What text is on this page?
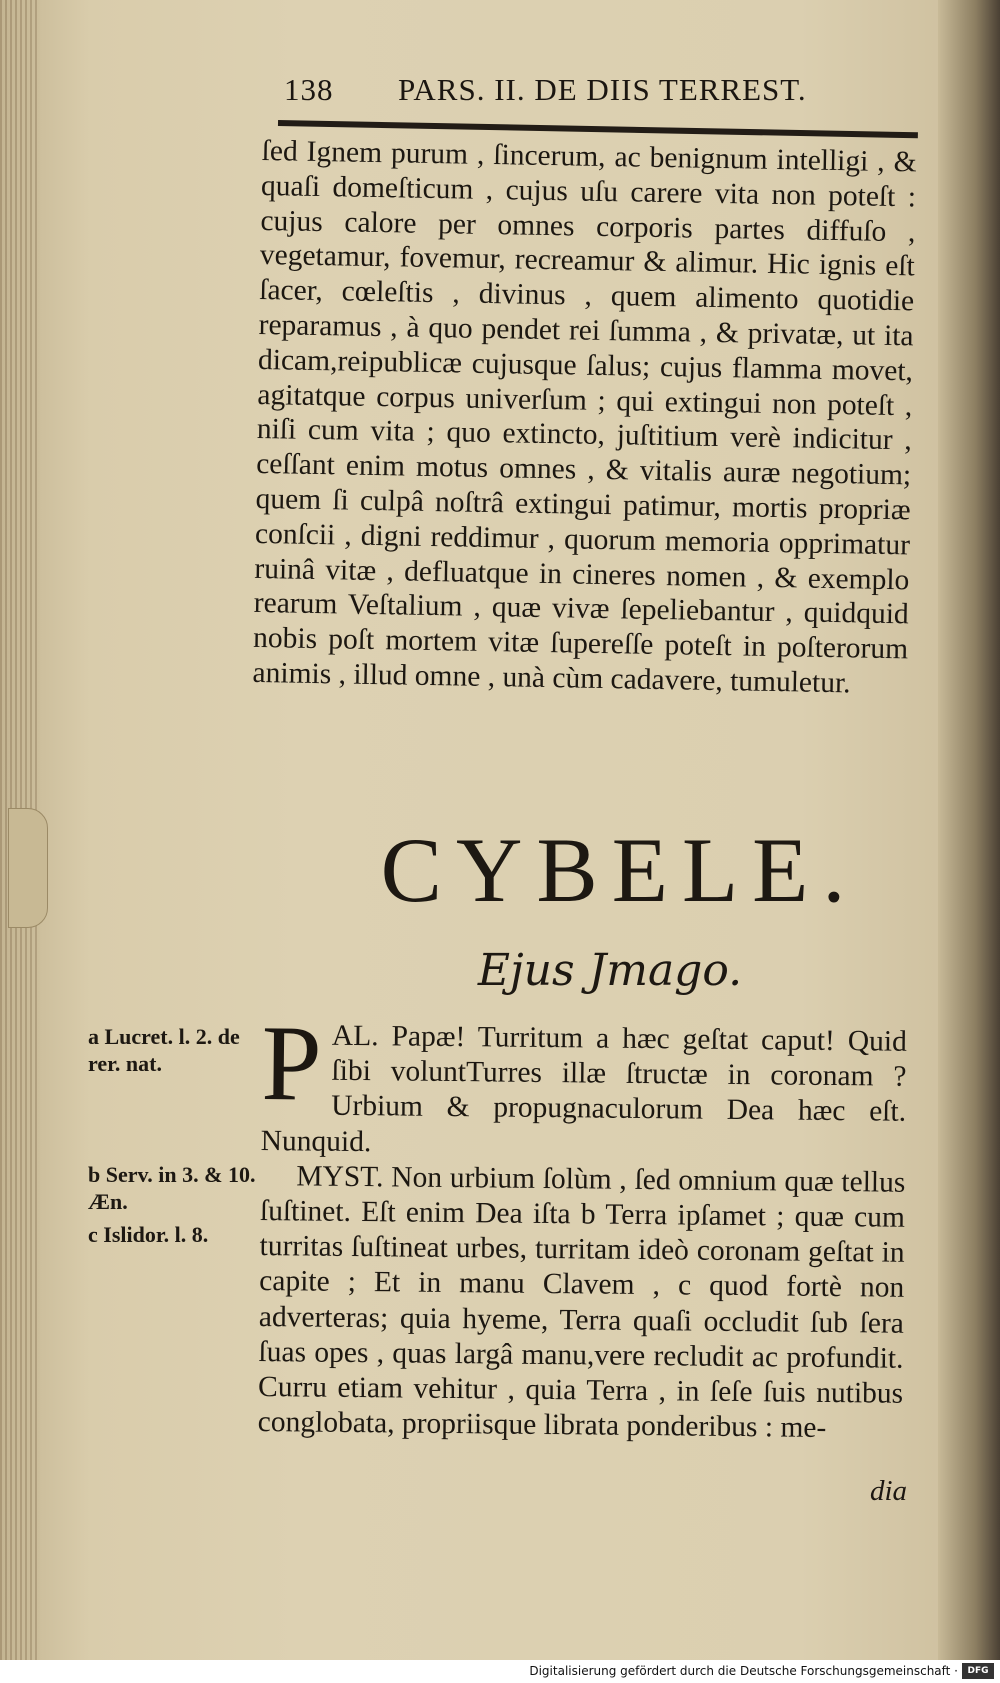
138 PARS. II. DE DIIS TERREST.

ſed Ignem purum , ſincerum, ac benignum intelligi , & quaſi domeſticum , cujus uſu carere vita non poteſt : cujus calore per omnes corporis partes diffuſo , vegetamur, fovemur, recreamur & alimur. Hic ignis eſt ſacer, cœleſtis , divinus , quem alimento quotidie reparamus , à quo pendet rei ſumma , & privatæ, ut ita dicam,reipublicæ cujusque ſalus; cujus flamma movet, agitatque corpus univerſum ; qui extingui non poteſt , niſi cum vita ; quo extincto, juſtitium verè indicitur , ceſſant enim motus omnes , & vitalis auræ negotium; quem ſi culpâ noſtrâ extingui patimur, mortis propriæ conſcii , digni reddimur , quorum memoria opprimatur ruinâ vitæ , defluatque in cineres nomen , & exemplo rearum Veſtalium , quæ vivæ ſepeliebantur , quidquid nobis poſt mortem vitæ ſupereſſe poteſt in poſterorum animis , illud omne , unà cùm cadavere, tumuletur.

CYBELE.
Ejus Jmago.
a Lucret. l. 2. de rer. nat.
b Serv. in 3. & 10. Æn.
c Islidor. l. 8.

PAL. Papæ! Turritum a hæc geſtat caput! Quid ſibi voluntTurres illæ ſtructæ in coronam ? Urbium & propugnaculorum Dea hæc eſt. Nunquid.

MYST. Non urbium ſolùm , ſed omnium quæ tellus ſuſtinet. Eſt enim Dea iſta b Terra ipſamet ; quæ cum turritas ſuſtineat urbes, turritam ideò coronam geſtat in capite ; Et in manu Clavem , c quod fortè non adverteras; quia hyeme, Terra quaſi occludit ſub ſera ſuas opes , quas largâ manu,vere recludit ac profundit. Curru etiam vehitur , quia Terra , in ſeſe ſuis nutibus conglobata, propriisque librata ponderibus : me-

dia
Digitalisierung gefördert durch die Deutsche Forschungsgemeinschaft ·	DFG
